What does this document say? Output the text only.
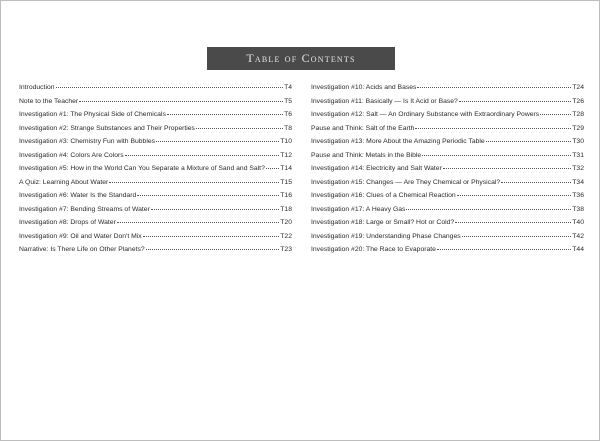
Table of Contents
Introduction	T4
Note to the Teacher	T5
Investigation #1: The Physical Side of Chemicals	T6
Investigation #2: Strange Substances and Their Properties	T8
Investigation #3: Chemistry Fun with Bubbles	T10
Investigation #4: Colors Are Colors	T12
Investigation #5: How in the World Can You Separate a Mixture of Sand and Salt? T14
A Quiz: Learning About Water	T15
Investigation #6: Water Is the Standard	T16
Investigation #7: Bending Streams of Water	T18
Investigation #8: Drops of Water	T20
Investigation #9: Oil and Water Don't Mix	T22
Narrative: Is There Life on Other Planets?	T23
Investigation #10: Acids and Bases	T24
Investigation #11: Basically — Is It Acid or Base?	T26
Investigation #12: Salt — An Ordinary Substance with Extraordinary Powers	T28
Pause and Think: Salt of the Earth	T29
Investigation #13: More About the Amazing Periodic Table	T30
Pause and Think: Metals in the Bible	T31
Investigation #14: Electricity and Salt Water	T32
Investigation #15: Changes — Are They Chemical or Physical?	T34
Investigation #16: Clues of a Chemical Reaction	T36
Investigation #17: A Heavy Gas	T38
Investigation #18: Large or Small? Hot or Cold?	T40
Investigation #19: Understanding Phase Changes	T42
Investigation #20: The Race to Evaporate	T44
